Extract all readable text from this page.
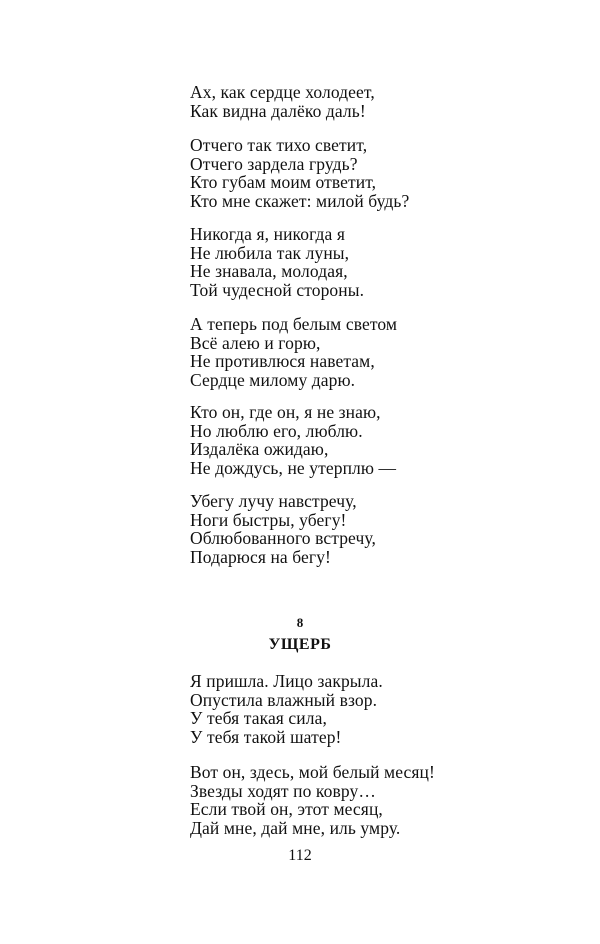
Ах, как сердце холодеет,
Как видна далёко даль!
Отчего так тихо светит,
Отчего зардела грудь?
Кто губам моим ответит,
Кто мне скажет: милой будь?
Никогда я, никогда я
Не любила так луны,
Не знавала, молодая,
Той чудесной стороны.
А теперь под белым светом
Всё алею и горю,
Не противлюся наветам,
Сердце милому дарю.
Кто он, где он, я не знаю,
Но люблю его, люблю.
Издалёка ожидаю,
Не дождусь, не утерплю —
Убегу лучу навстречу,
Ноги быстры, убегу!
Облюбованного встречу,
Подарюся на бегу!
8
УЩЕРБ
Я пришла. Лицо закрыла.
Опустила влажный взор.
У тебя такая сила,
У тебя такой шатер!
Вот он, здесь, мой белый месяц!
Звезды ходят по ковру…
Если твой он, этот месяц,
Дай мне, дай мне, иль умру.
112
